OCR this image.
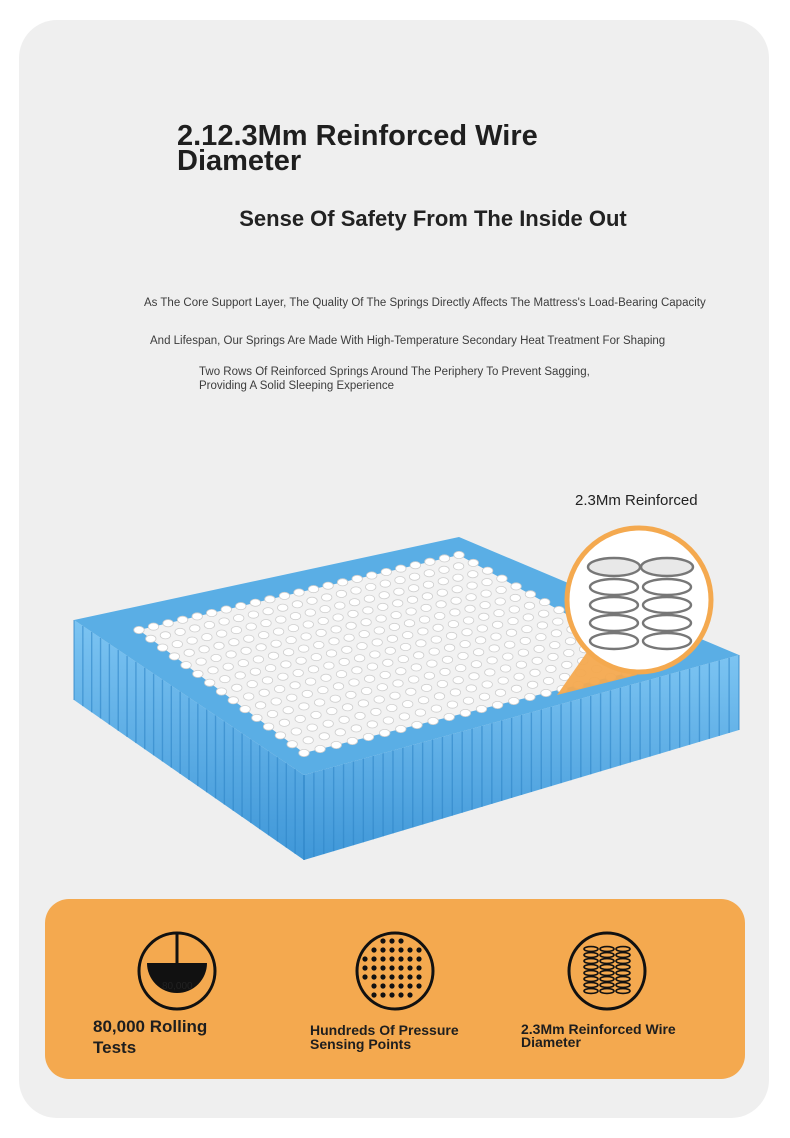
2.12.3Mm Reinforced Wire Diameter
Sense Of Safety From The Inside Out

As The Core Support Layer, The Quality Of The Springs Directly Affects The Mattress's Load-Bearing Capacity

And Lifespan, Our Springs Are Made With High-Temperature Secondary Heat Treatment For Shaping

Two Rows Of Reinforced Springs Around The Periphery To Prevent Sagging,
Providing A Solid Sleeping Experience

2.3Mm Reinforced
80,000

80,000 Rolling
Tests

Hundreds Of Pressure
Sensing Points

2.3Mm Reinforced Wire
Diameter
